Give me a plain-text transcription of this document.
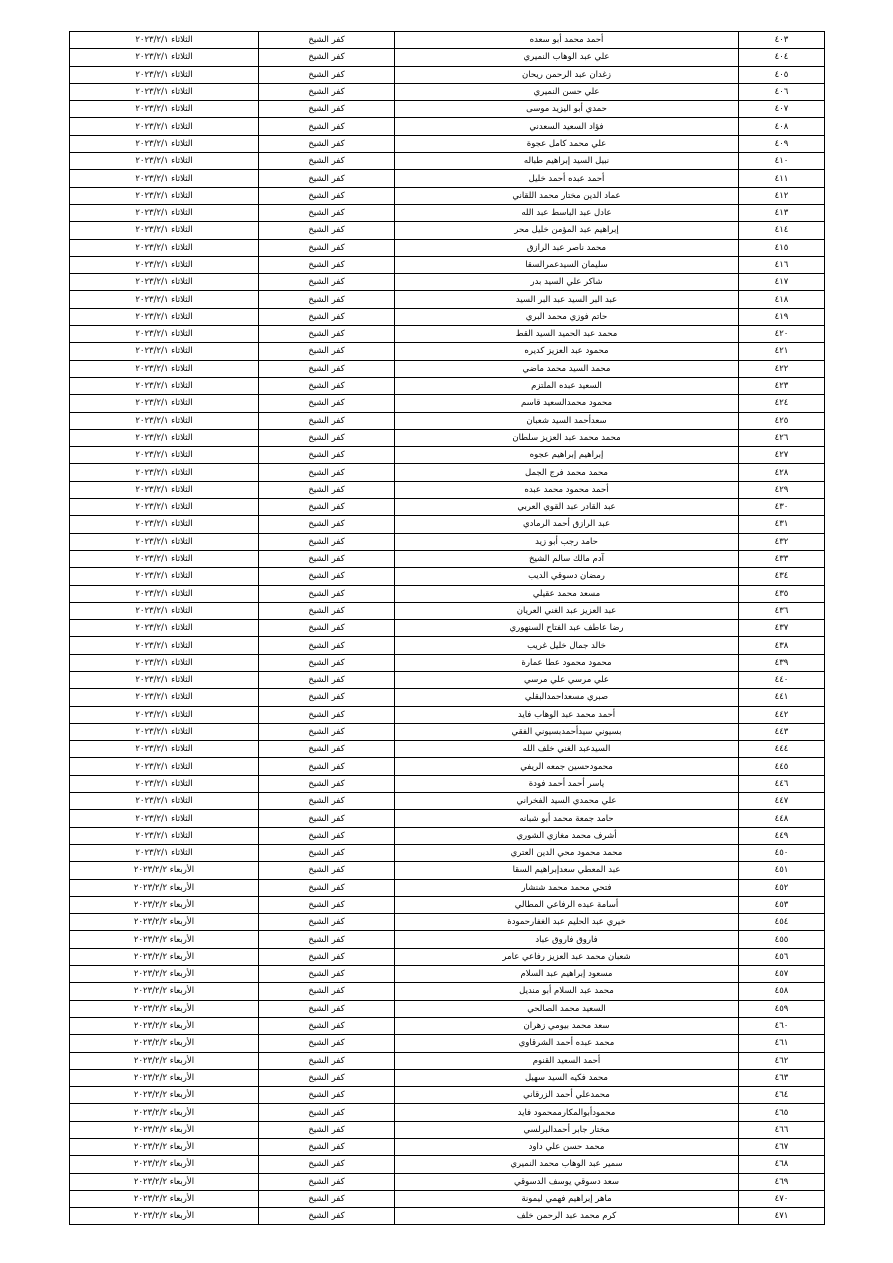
٤٠٣	أحمد محمد أبو سعده	كفر الشيخ	الثلاثاء ٢٠٢٣/٢/١
٤٠٤	علي عبد الوهاب النميري	كفر الشيخ	الثلاثاء ٢٠٢٣/٢/١
٤٠٥	زغدان عبد الرحمن ريحان	كفر الشيخ	الثلاثاء ٢٠٢٣/٢/١
٤٠٦	علي حسن النميري	كفر الشيخ	الثلاثاء ٢٠٢٣/٢/١
٤٠٧	حمدي أبو اليزيد موسى	كفر الشيخ	الثلاثاء ٢٠٢٣/٢/١
٤٠٨	فؤاد السعيد السعدني	كفر الشيخ	الثلاثاء ٢٠٢٣/٢/١
٤٠٩	علي محمد كامل عجوة	كفر الشيخ	الثلاثاء ٢٠٢٣/٢/١
٤١٠	نبيل السيد إبراهيم طباله	كفر الشيخ	الثلاثاء ٢٠٢٣/٢/١
٤١١	أحمد عبده أحمد خليل	كفر الشيخ	الثلاثاء ٢٠٢٣/٢/١
٤١٢	عماد الدين مختار محمد اللقاني	كفر الشيخ	الثلاثاء ٢٠٢٣/٢/١
٤١٣	عادل عبد الباسط عبد الله	كفر الشيخ	الثلاثاء ٢٠٢٣/٢/١
٤١٤	إبراهيم عبد المؤمن خليل محر	كفر الشيخ	الثلاثاء ٢٠٢٣/٢/١
٤١٥	محمد ناصر عبد الرازق	كفر الشيخ	الثلاثاء ٢٠٢٣/٢/١
٤١٦	سليمان السيدعمرالسقا	كفر الشيخ	الثلاثاء ٢٠٢٣/٢/١
٤١٧	شاكر علي السيد بدر	كفر الشيخ	الثلاثاء ٢٠٢٣/٢/١
٤١٨	عبد البر السيد عبد البر السيد	كفر الشيخ	الثلاثاء ٢٠٢٣/٢/١
٤١٩	حاتم فوزي محمد البري	كفر الشيخ	الثلاثاء ٢٠٢٣/٢/١
٤٢٠	محمد عبد الحميد السيد القط	كفر الشيخ	الثلاثاء ٢٠٢٣/٢/١
٤٢١	محمود عبد العزيز كديره	كفر الشيخ	الثلاثاء ٢٠٢٣/٢/١
٤٢٢	محمد السيد محمد ماضي	كفر الشيخ	الثلاثاء ٢٠٢٣/٢/١
٤٢٣	السعيد عبده الملتزم	كفر الشيخ	الثلاثاء ٢٠٢٣/٢/١
٤٢٤	محمود محمدالسعيد قاسم	كفر الشيخ	الثلاثاء ٢٠٢٣/٢/١
٤٢٥	سعدأحمد السيد شعبان	كفر الشيخ	الثلاثاء ٢٠٢٣/٢/١
٤٢٦	محمد محمد عبد العزيز سلطان	كفر الشيخ	الثلاثاء ٢٠٢٣/٢/١
٤٢٧	إبراهيم إبراهيم عجوه	كفر الشيخ	الثلاثاء ٢٠٢٣/٢/١
٤٢٨	محمد محمد فرج الجمل	كفر الشيخ	الثلاثاء ٢٠٢٣/٢/١
٤٢٩	أحمد محمود محمد عبده	كفر الشيخ	الثلاثاء ٢٠٢٣/٢/١
٤٣٠	عبد القادر عبد القوي العربي	كفر الشيخ	الثلاثاء ٢٠٢٣/٢/١
٤٣١	عبد الرازق أحمد الرمادي	كفر الشيخ	الثلاثاء ٢٠٢٣/٢/١
٤٣٢	حامد رجب أبو زيد	كفر الشيخ	الثلاثاء ٢٠٢٣/٢/١
٤٣٣	آدم مالك سالم الشيخ	كفر الشيخ	الثلاثاء ٢٠٢٣/٢/١
٤٣٤	رمضان دسوقي الديب	كفر الشيخ	الثلاثاء ٢٠٢٣/٢/١
٤٣٥	مسعد محمد عقيلي	كفر الشيخ	الثلاثاء ٢٠٢٣/٢/١
٤٣٦	عبد العزيز عبد الغني العريان	كفر الشيخ	الثلاثاء ٢٠٢٣/٢/١
٤٣٧	رضا عاطف عبد الفتاح السنهوري	كفر الشيخ	الثلاثاء ٢٠٢٣/٢/١
٤٣٨	خالد جمال خليل غريب	كفر الشيخ	الثلاثاء ٢٠٢٣/٢/١
٤٣٩	محمود محمود عطا عمارة	كفر الشيخ	الثلاثاء ٢٠٢٣/٢/١
٤٤٠	علي مرسي علي مرسي	كفر الشيخ	الثلاثاء ٢٠٢٣/٢/١
٤٤١	صبري مسعداحمدالبقلي	كفر الشيخ	الثلاثاء ٢٠٢٣/٢/١
٤٤٢	أحمد محمد عبد الوهاب فايد	كفر الشيخ	الثلاثاء ٢٠٢٣/٢/١
٤٤٣	بسيوني سيدأحمدبسيوني الفقي	كفر الشيخ	الثلاثاء ٢٠٢٣/٢/١
٤٤٤	السيدعبد الغني خلف الله	كفر الشيخ	الثلاثاء ٢٠٢٣/٢/١
٤٤٥	محمودحسين جمعه الريفي	كفر الشيخ	الثلاثاء ٢٠٢٣/٢/١
٤٤٦	ياسر أحمد أحمد فودة	كفر الشيخ	الثلاثاء ٢٠٢٣/٢/١
٤٤٧	علي محمدي السيد الفخراني	كفر الشيخ	الثلاثاء ٢٠٢٣/٢/١
٤٤٨	حامد جمعة محمد أبو شبانه	كفر الشيخ	الثلاثاء ٢٠٢٣/٢/١
٤٤٩	أشرف محمد مغازي الشوري	كفر الشيخ	الثلاثاء ٢٠٢٣/٢/١
٤٥٠	محمد محمود محي الدين العتري	كفر الشيخ	الثلاثاء ٢٠٢٣/٢/١
٤٥١	عبد المعطي سعدإبراهيم السقا	كفر الشيخ	الأربعاء ٢٠٢٣/٢/٢
٤٥٢	فتحي محمد محمد شنشار	كفر الشيخ	الأربعاء ٢٠٢٣/٢/٢
٤٥٣	أسامة عبده الرفاعي المطالي	كفر الشيخ	الأربعاء ٢٠٢٣/٢/٢
٤٥٤	خيري عبد الحليم عبد الغفارحمودة	كفر الشيخ	الأربعاء ٢٠٢٣/٢/٢
٤٥٥	فاروق فاروق عباد	كفر الشيخ	الأربعاء ٢٠٢٣/٢/٢
٤٥٦	شعبان محمد عبد العزيز رفاعي عامر	كفر الشيخ	الأربعاء ٢٠٢٣/٢/٢
٤٥٧	مسعود إبراهيم عبد السلام	كفر الشيخ	الأربعاء ٢٠٢٣/٢/٢
٤٥٨	محمد عبد السلام أبو منديل	كفر الشيخ	الأربعاء ٢٠٢٣/٢/٢
٤٥٩	السعيد محمد الصالحي	كفر الشيخ	الأربعاء ٢٠٢٣/٢/٢
٤٦٠	سعد محمد بيومي زهران	كفر الشيخ	الأربعاء ٢٠٢٣/٢/٢
٤٦١	محمد عبده أحمد الشرقاوي	كفر الشيخ	الأربعاء ٢٠٢٣/٢/٢
٤٦٢	أحمد السعيد القنوم	كفر الشيخ	الأربعاء ٢٠٢٣/٢/٢
٤٦٣	محمد فكيه السيد سهيل	كفر الشيخ	الأربعاء ٢٠٢٣/٢/٢
٤٦٤	محمدعلي أحمد الزرقاني	كفر الشيخ	الأربعاء ٢٠٢٣/٢/٢
٤٦٥	محمودأبوالمكارممحمود فايد	كفر الشيخ	الأربعاء ٢٠٢٣/٢/٢
٤٦٦	مختار جابر أحمدالبرلسي	كفر الشيخ	الأربعاء ٢٠٢٣/٢/٢
٤٦٧	محمد حسن علي داود	كفر الشيخ	الأربعاء ٢٠٢٣/٢/٢
٤٦٨	سمير عبد الوهاب محمد النميري	كفر الشيخ	الأربعاء ٢٠٢٣/٢/٢
٤٦٩	سعد دسوقي يوسف الدسوقي	كفر الشيخ	الأربعاء ٢٠٢٣/٢/٢
٤٧٠	ماهر إبراهيم فهمي ليمونة	كفر الشيخ	الأربعاء ٢٠٢٣/٢/٢
٤٧١	كرم محمد عبد الرحمن خلف	كفر الشيخ	الأربعاء ٢٠٢٣/٢/٢
